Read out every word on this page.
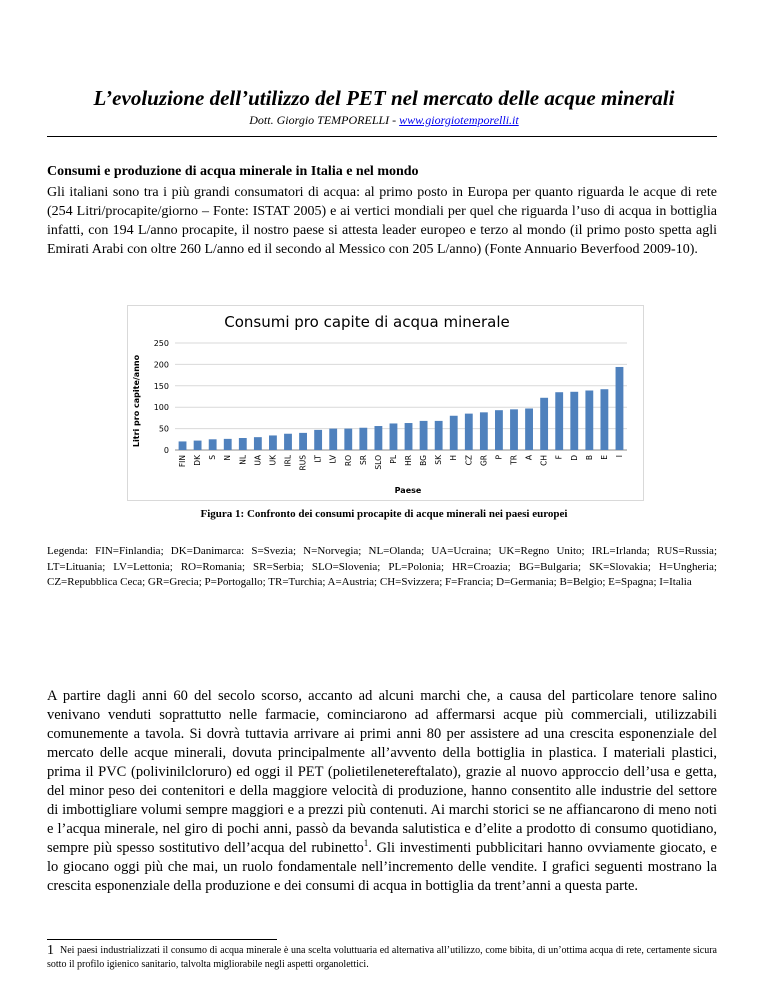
L’evoluzione dell’utilizzo del PET nel mercato delle acque minerali
Dott. Giorgio TEMPORELLI - www.giorgiotemporelli.it
Consumi e produzione di acqua minerale in Italia e nel mondo

Gli italiani sono tra i più grandi consumatori di acqua: al primo posto in Europa per quanto riguarda le acque di rete (254 Litri/procapite/giorno – Fonte: ISTAT 2005) e ai vertici mondiali per quel che riguarda l’uso di acqua in bottiglia infatti, con 194 L/anno procapite, il nostro paese si attesta leader europeo e terzo al mondo (il primo posto spetta agli Emirati Arabi con oltre 260 L/anno ed il secondo al Messico con 205 L/anno) (Fonte Annuario Beverfood 2009-10).

Consumi pro capite di acqua minerale
Litri pro capite/anno
Paese
0
50
100
150
200
250
FIN DK S N NL UA UK IRL RUS LT LV RO SR SLO PL HR BG SK H CZ GR P TR A CH F D B E I
Figura 1: Confronto dei consumi procapite di acque minerali nei paesi europei

Legenda: FIN=Finlandia; DK=Danimarca: S=Svezia; N=Norvegia; NL=Olanda; UA=Ucraina; UK=Regno Unito; IRL=Irlanda; RUS=Russia; LT=Lituania; LV=Lettonia; RO=Romania; SR=Serbia; SLO=Slovenia; PL=Polonia; HR=Croazia; BG=Bulgaria; SK=Slovakia; H=Ungheria; CZ=Repubblica Ceca; GR=Grecia; P=Portogallo; TR=Turchia; A=Austria; CH=Svizzera; F=Francia; D=Germania; B=Belgio; E=Spagna; I=Italia

A partire dagli anni 60 del secolo scorso, accanto ad alcuni marchi che, a causa del particolare tenore salino venivano venduti soprattutto nelle farmacie, cominciarono ad affermarsi acque più commerciali, utilizzabili comunemente a tavola. Si dovrà tuttavia arrivare ai primi anni 80 per assistere ad una crescita esponenziale del mercato delle acque minerali, dovuta principalmente all’avvento della bottiglia in plastica. I materiali plastici, prima il PVC (polivinilcloruro) ed oggi il PET (polietilenetereftalato), grazie al nuovo approccio dell’usa e getta, del minor peso dei contenitori e della maggiore velocità di produzione, hanno consentito alle industrie del settore di imbottigliare volumi sempre maggiori e a prezzi più contenuti. Ai marchi storici se ne affiancarono di meno noti e l’acqua minerale, nel giro di pochi anni, passò da bevanda salutistica e d’elite a prodotto di consumo quotidiano, sempre più spesso sostitutivo dell’acqua del rubinetto$^1$. Gli investimenti pubblicitari hanno ovviamente giocato, e lo giocano oggi più che mai, un ruolo fondamentale nell’incremento delle vendite. I grafici seguenti mostrano la crescita esponenziale della produzione e dei consumi di acqua in bottiglia da trent’anni a questa parte.

1 Nei paesi industrializzati il consumo di acqua minerale è una scelta voluttuaria ed alternativa all’utilizzo, come bibita, di un’ottima acqua di rete, certamente sicura sotto il profilo igienico sanitario, talvolta migliorabile negli aspetti organolettici.
